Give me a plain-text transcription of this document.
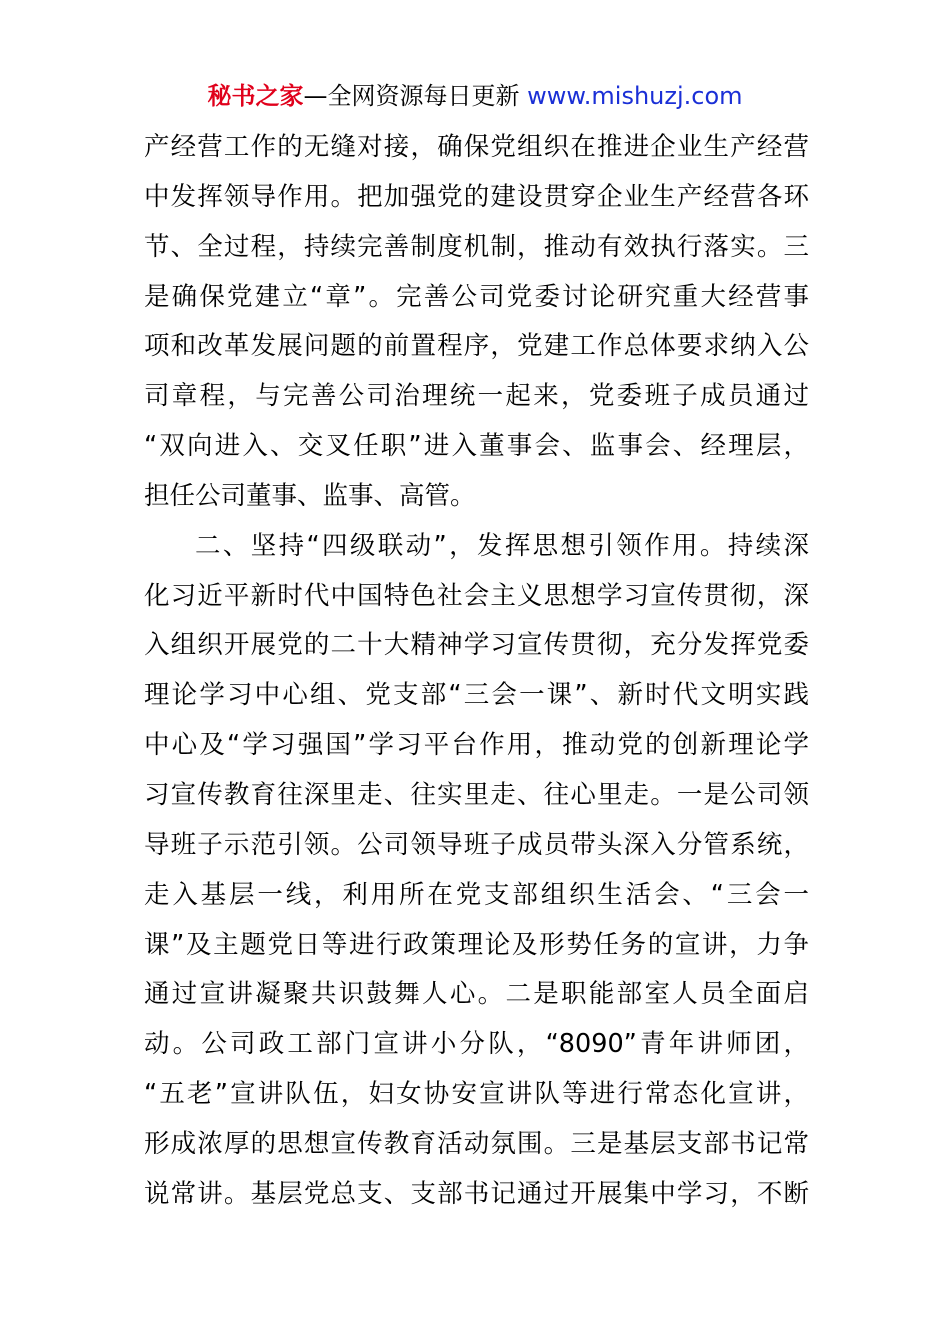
秘书之家—全网资源每日更新 www.mishuzj.com
产经营工作的无缝对接，确保党组织在推进企业生产经营
中发挥领导作用。把加强党的建设贯穿企业生产经营各环
节、全过程，持续完善制度机制，推动有效执行落实。三
是确保党建立“章”。完善公司党委讨论研究重大经营事
项和改革发展问题的前置程序，党建工作总体要求纳入公
司章程，与完善公司治理统一起来，党委班子成员通过
“双向进入、交叉任职”进入董事会、监事会、经理层，
担任公司董事、监事、高管。
二、坚持“四级联动”，发挥思想引领作用。持续深
化习近平新时代中国特色社会主义思想学习宣传贯彻，深
入组织开展党的二十大精神学习宣传贯彻，充分发挥党委
理论学习中心组、党支部“三会一课”、新时代文明实践
中心及“学习强国”学习平台作用，推动党的创新理论学
习宣传教育往深里走、往实里走、往心里走。一是公司领
导班子示范引领。公司领导班子成员带头深入分管系统，
走入基层一线，利用所在党支部组织生活会、“三会一
课”及主题党日等进行政策理论及形势任务的宣讲，力争
通过宣讲凝聚共识鼓舞人心。二是职能部室人员全面启
动。公司政工部门宣讲小分队，“8090”青年讲师团，
“五老”宣讲队伍，妇女协安宣讲队等进行常态化宣讲，
形成浓厚的思想宣传教育活动氛围。三是基层支部书记常
说常讲。基层党总支、支部书记通过开展集中学习，不断
